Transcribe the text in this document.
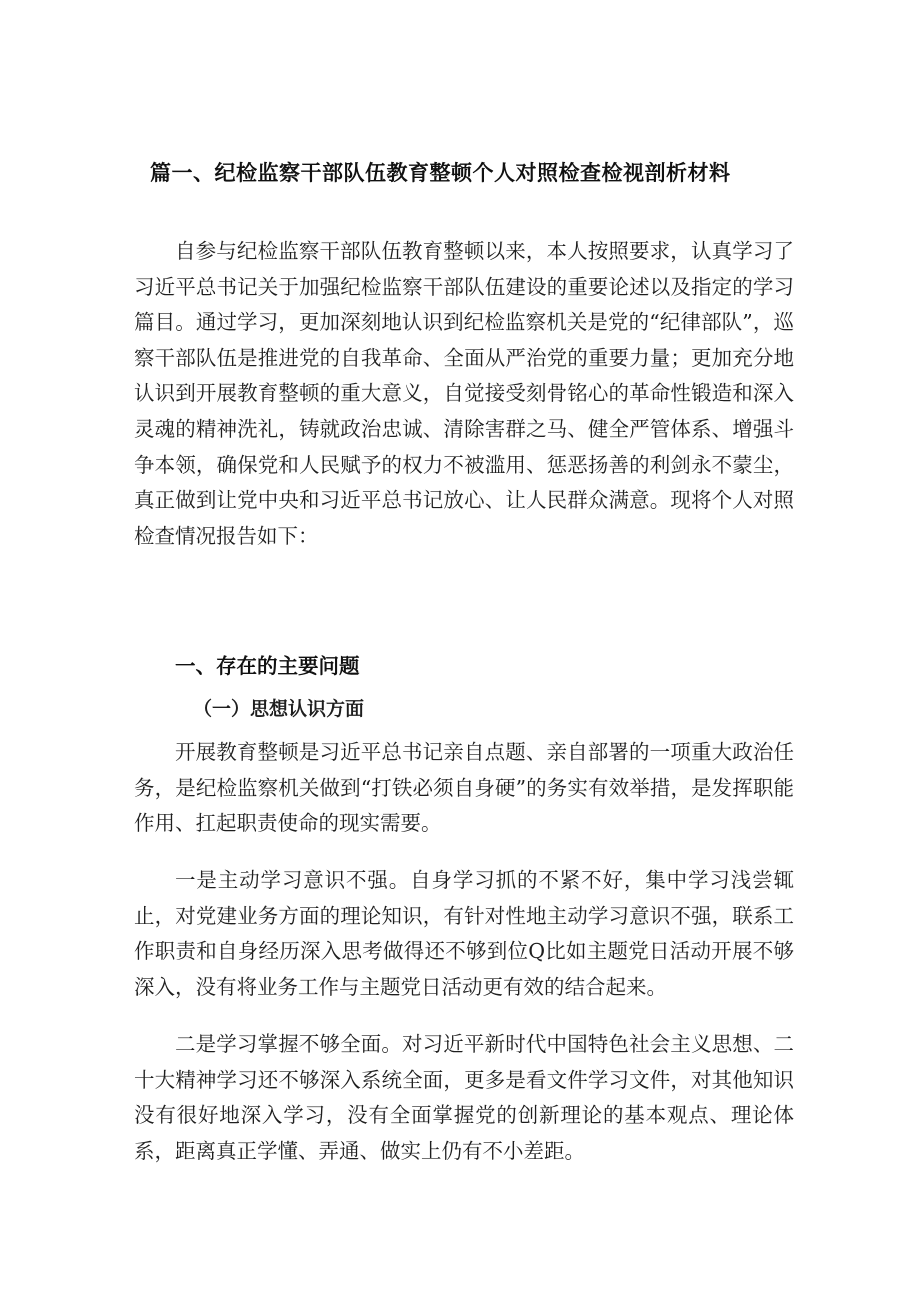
篇一、纪检监察干部队伍教育整顿个人对照检查检视剖析材料

自参与纪检监察干部队伍教育整顿以来，本人按照要求，认真学习了习近平总书记关于加强纪检监察干部队伍建设的重要论述以及指定的学习篇目。通过学习，更加深刻地认识到纪检监察机关是党的“纪律部队”，巡察干部队伍是推进党的自我革命、全面从严治党的重要力量；更加充分地认识到开展教育整顿的重大意义，自觉接受刻骨铭心的革命性锻造和深入灵魂的精神洗礼，铸就政治忠诚、清除害群之马、健全严管体系、增强斗争本领，确保党和人民赋予的权力不被滥用、惩恶扬善的利剑永不蒙尘，真正做到让党中央和习近平总书记放心、让人民群众满意。现将个人对照检查情况报告如下：

一、存在的主要问题
（一）思想认识方面

开展教育整顿是习近平总书记亲自点题、亲自部署的一项重大政治任务，是纪检监察机关做到“打铁必须自身硬”的务实有效举措，是发挥职能作用、扛起职责使命的现实需要。

一是主动学习意识不强。自身学习抓的不紧不好，集中学习浅尝辄止，对党建业务方面的理论知识，有针对性地主动学习意识不强，联系工作职责和自身经历深入思考做得还不够到位Q比如主题党日活动开展不够深入，没有将业务工作与主题党日活动更有效的结合起来。

二是学习掌握不够全面。对习近平新时代中国特色社会主义思想、二十大精神学习还不够深入系统全面，更多是看文件学习文件，对其他知识没有很好地深入学习，没有全面掌握党的创新理论的基本观点、理论体系，距离真正学懂、弄通、做实上仍有不小差距。
